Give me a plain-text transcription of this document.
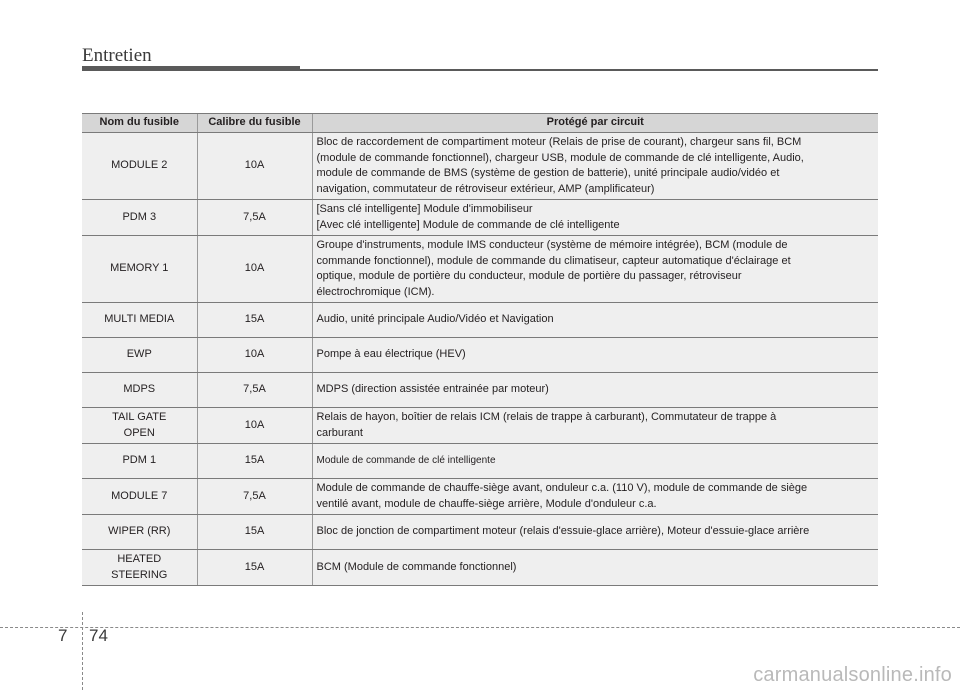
Entretien
Nom du fusible	Calibre du fusible	Protégé par circuit
MODULE 2	10A	Bloc de raccordement de compartiment moteur (Relais de prise de courant), chargeur sans fil, BCM
(module de commande fonctionnel), chargeur USB, module de commande de clé intelligente, Audio,
module de commande de BMS (système de gestion de batterie), unité principale audio/vidéo et
navigation, commutateur de rétroviseur extérieur, AMP (amplificateur)
PDM 3	7,5A	[Sans clé intelligente] Module d'immobiliseur
[Avec clé intelligente] Module de commande de clé intelligente
MEMORY 1	10A	Groupe d'instruments, module IMS conducteur (système de mémoire intégrée), BCM (module de
commande fonctionnel), module de commande du climatiseur, capteur automatique d'éclairage et
optique, module de portière du conducteur, module de portière du passager, rétroviseur
électrochromique (ICM).
MULTI MEDIA	15A	Audio, unité principale Audio/Vidéo et Navigation
EWP	10A	Pompe à eau électrique (HEV)
MDPS	7,5A	MDPS (direction assistée entrainée par moteur)
TAIL GATE
OPEN	10A	Relais de hayon, boîtier de relais ICM (relais de trappe à carburant), Commutateur de trappe à
carburant
PDM 1	15A	Module de commande de clé intelligente
MODULE 7	7,5A	Module de commande de chauffe-siège avant, onduleur c.a. (110 V), module de commande de siège
ventilé avant, module de chauffe-siège arrière, Module d'onduleur c.a.
WIPER (RR)	15A	Bloc de jonction de compartiment moteur (relais d'essuie-glace arrière), Moteur d'essuie-glace arrière
HEATED
STEERING	15A	BCM (Module de commande fonctionnel)
7 74
carmanualsonline.info
